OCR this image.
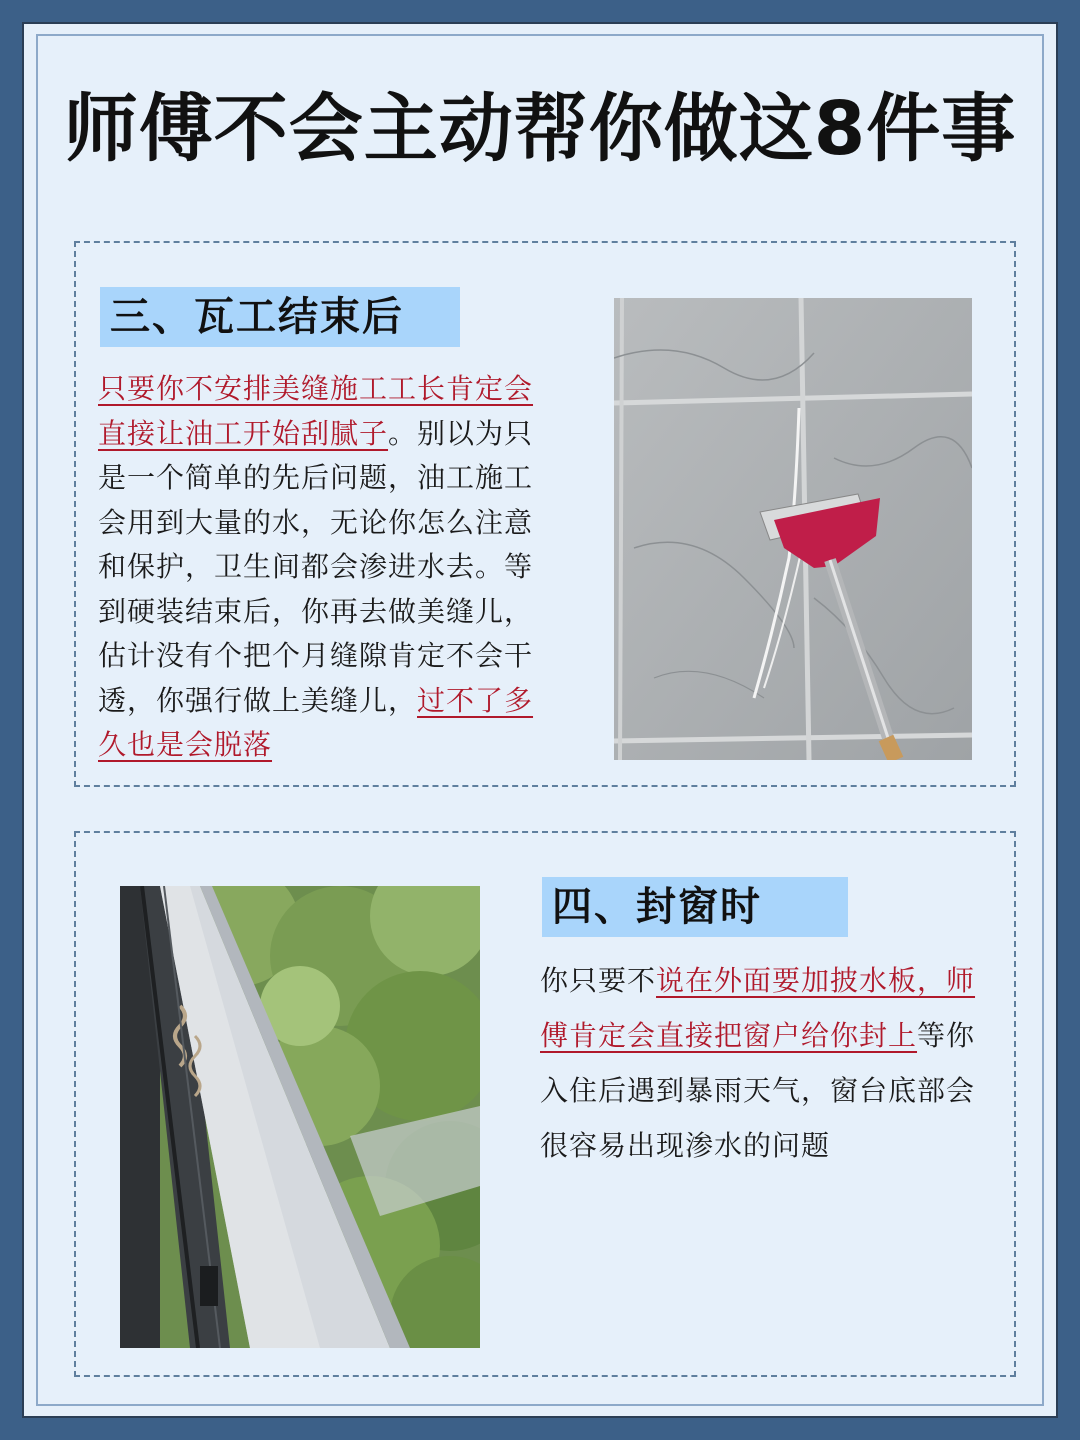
师傅不会主动帮你做这8件事
三、瓦工结束后
只要你不安排美缝施工工长肯定会直接让油工开始刮腻子。别以为只是一个简单的先后问题，油工施工会用到大量的水，无论你怎么注意和保护，卫生间都会渗进水去。等到硬装结束后，你再去做美缝儿，估计没有个把个月缝隙肯定不会干透，你强行做上美缝儿，过不了多久也是会脱落
四、封窗时
你只要不说在外面要加披水板，师傅肯定会直接把窗户给你封上等你入住后遇到暴雨天气，窗台底部会很容易出现渗水的问题
